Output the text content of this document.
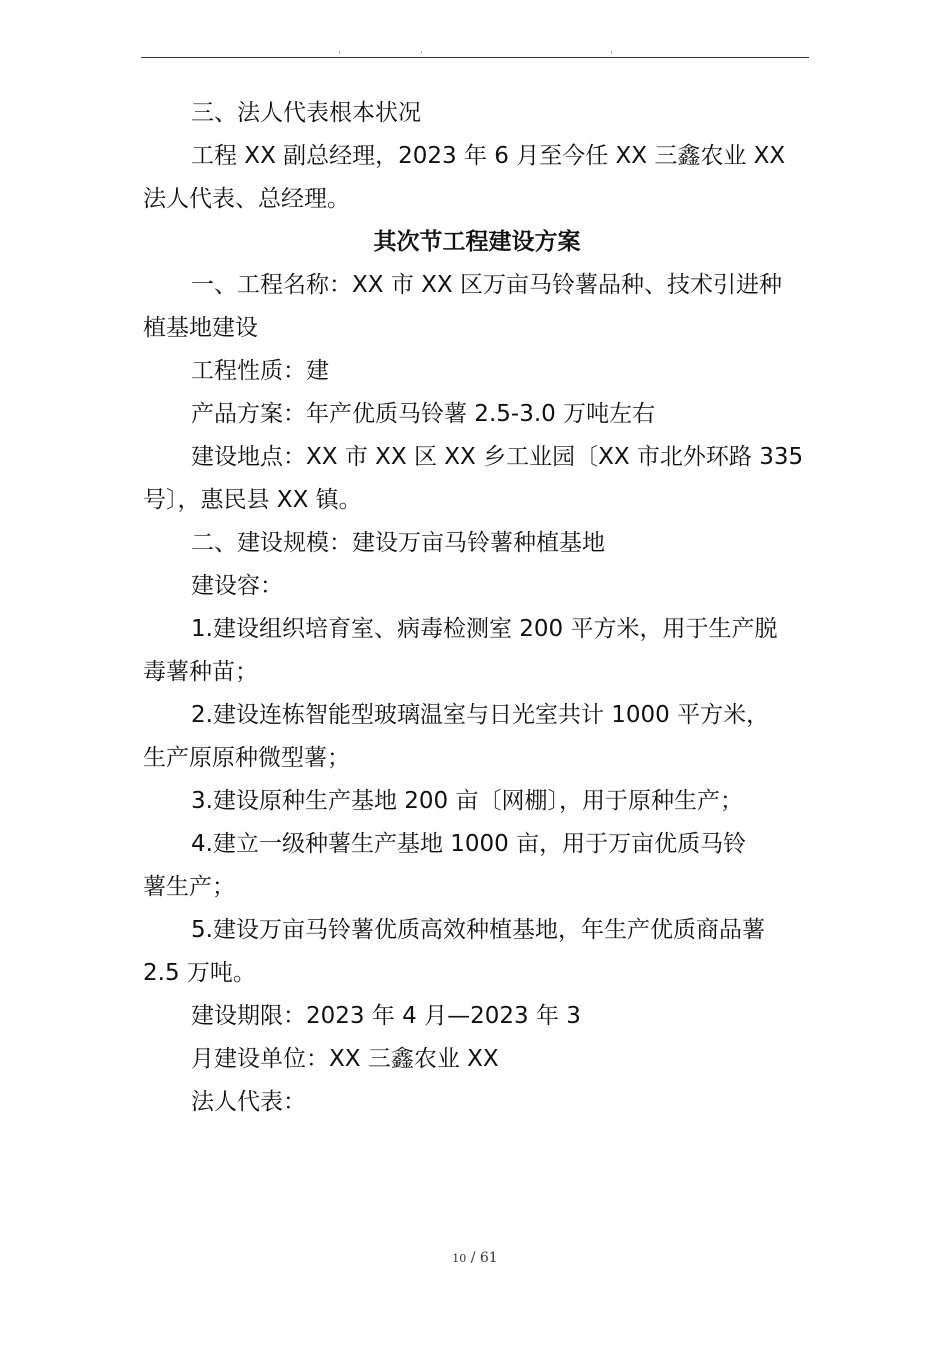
.	.	.
三、法人代表根本状况
工程 XX 副总经理，2023 年 6 月至今任 XX 三鑫农业 XX
法人代表、总经理。
其次节工程建设方案
一、工程名称：XX 市 XX 区万亩马铃薯品种、技术引进种
植基地建设
工程性质：建
产品方案：年产优质马铃薯 2.5-3.0 万吨左右
建设地点：XX 市 XX 区 XX 乡工业园〔XX 市北外环路 335
号〕，惠民县 XX 镇。
二、建设规模：建设万亩马铃薯种植基地
建设容：
1.建设组织培育室、病毒检测室 200 平方米，用于生产脱
毒薯种苗；
2.建设连栋智能型玻璃温室与日光室共计 1000 平方米，
生产原原种微型薯；
3.建设原种生产基地 200 亩〔网棚〕，用于原种生产；
4.建立一级种薯生产基地 1000 亩，用于万亩优质马铃
薯生产；
5.建设万亩马铃薯优质高效种植基地，年生产优质商品薯
2.5 万吨。
建设期限：2023 年 4 月—2023 年 3
月建设单位：XX 三鑫农业 XX
法人代表：
10 / 61
